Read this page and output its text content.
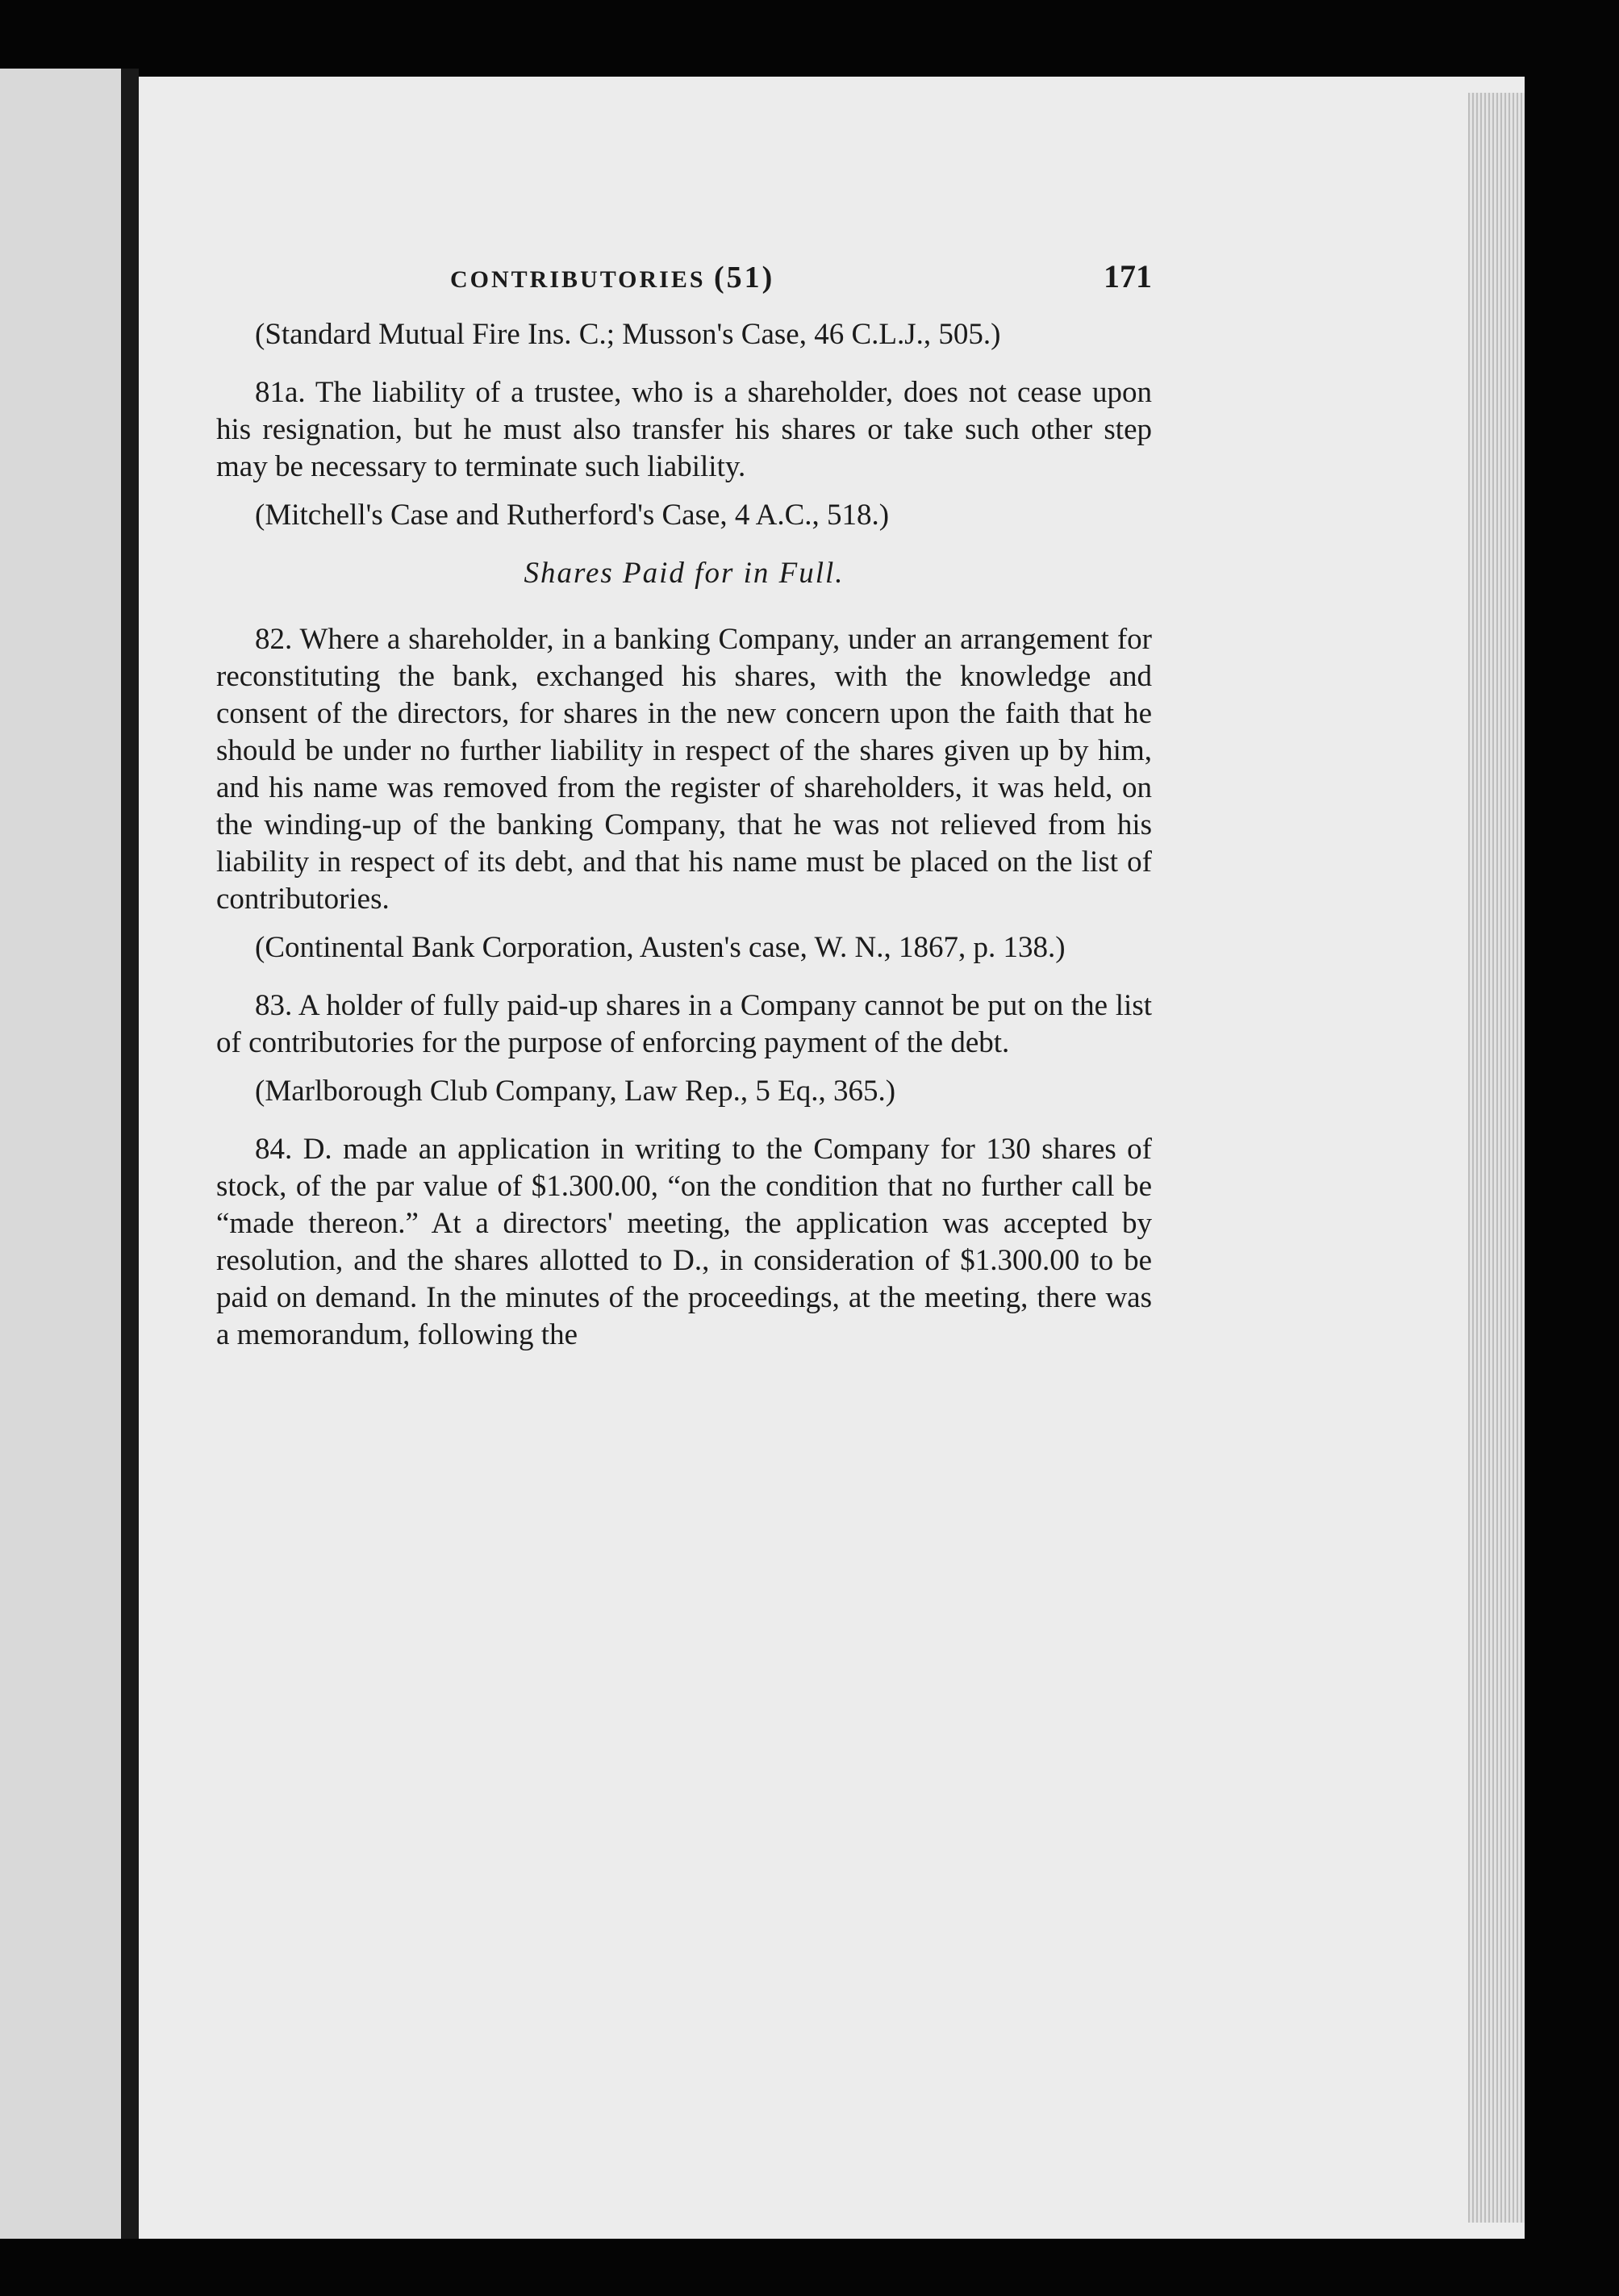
CONTRIBUTORIES (51)	171

(Standard Mutual Fire Ins. C.; Musson's Case, 46 C.L.J., 505.)

81a. The liability of a trustee, who is a shareholder, does not cease upon his resignation, but he must also transfer his shares or take such other step may be necessary to terminate such liability.

(Mitchell's Case and Rutherford's Case, 4 A.C., 518.)

Shares Paid for in Full.

82. Where a shareholder, in a banking Company, under an arrangement for reconstituting the bank, exchanged his shares, with the knowledge and consent of the directors, for shares in the new concern upon the faith that he should be under no further liability in respect of the shares given up by him, and his name was removed from the register of shareholders, it was held, on the winding-up of the banking Company, that he was not relieved from his liability in respect of its debt, and that his name must be placed on the list of contributories.

(Continental Bank Corporation, Austen's case, W. N., 1867, p. 138.)

83. A holder of fully paid-up shares in a Company cannot be put on the list of contributories for the purpose of enforcing payment of the debt.

(Marlborough Club Company, Law Rep., 5 Eq., 365.)

84. D. made an application in writing to the Company for 130 shares of stock, of the par value of $1.300.00, “on the condition that no further call be “made thereon.” At a directors' meeting, the application was accepted by resolution, and the shares allotted to D., in consideration of $1.300.00 to be paid on demand. In the minutes of the proceedings, at the meeting, there was a memorandum, following the
